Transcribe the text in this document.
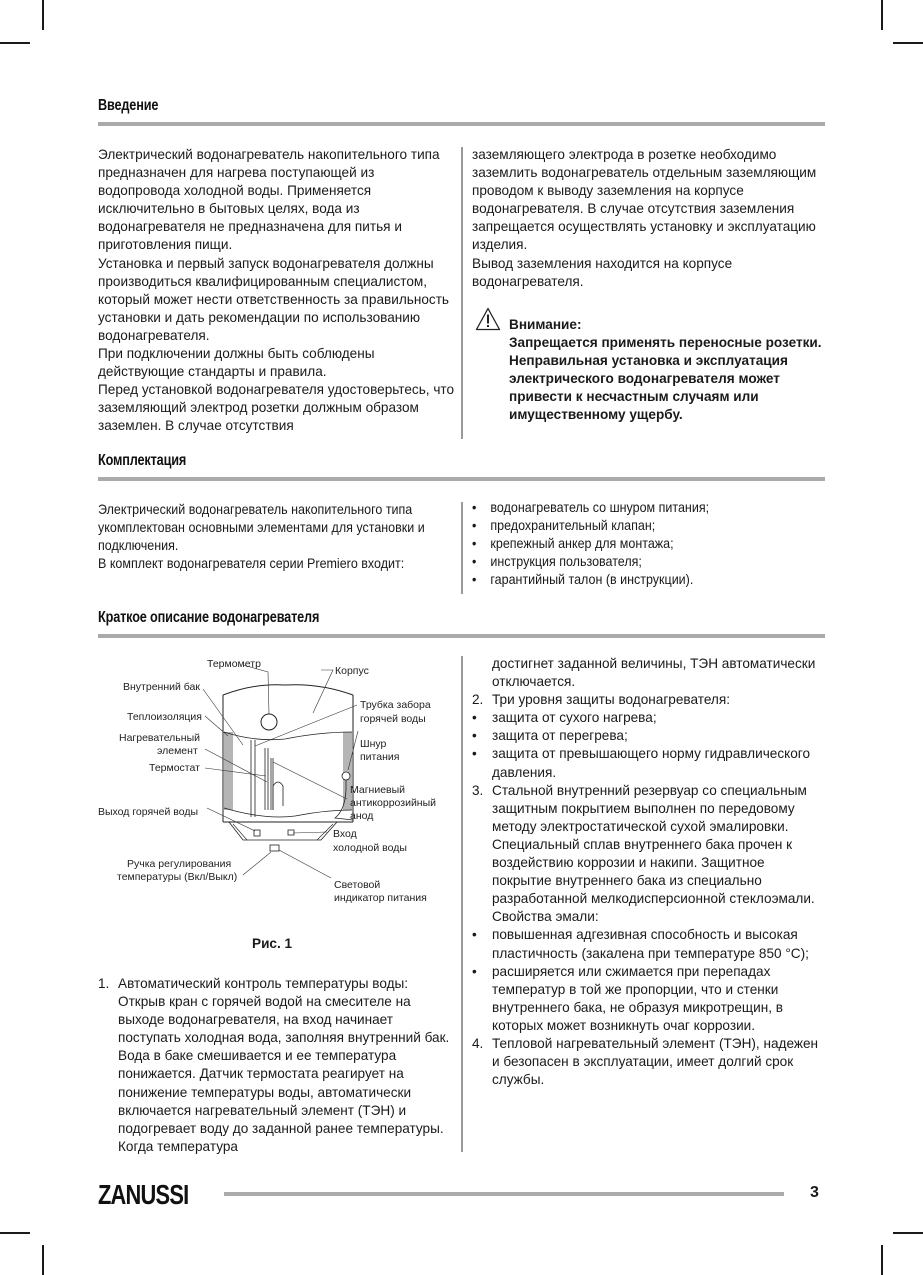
Введение

Электрический водонагреватель накопительного типа предназначен для нагрева поступающей из водопровода холодной воды. Применяется исключительно в бытовых целях, вода из водонагревателя не предназначена для питья и приготовления пищи.

Установка и первый запуск водонагревателя должны производиться квалифицированным специалистом, который может нести ответственность за правильность установки и дать рекомендации по использованию водонагревателя.

При подключении должны быть соблюдены действующие стандарты и правила.

Перед установкой водонагревателя удостоверьтесь, что заземляющий электрод розетки должным образом заземлен. В случае отсутствия

заземляющего электрода в розетке необходимо заземлить водонагреватель отдельным заземляющим проводом к выводу заземления на корпусе водонагревателя. В случае отсутствия заземления запрещается осуществлять установку и эксплуатацию изделия.

Вывод заземления находится на корпусе водонагревателя.

Внимание:

Запрещается применять переносные розетки.

Неправильная установка и эксплуатация электрического водонагревателя может привести к несчастным случаям или имущественному ущербу.

Комплектация

Электрический водонагреватель накопительного типа укомплектован основными элементами для установки и подключения.

В комплект водонагревателя серии Premiero входит:

• водонагреватель со шнуром питания;
• предохранительный клапан;
• крепежный анкер для монтажа;
• инструкция пользователя;
• гарантийный талон (в инструкции).
Краткое описание водонагревателя
Термометр
Корпус
Внутренний бак
Теплоизоляция
Трубка забора
горячей воды
Нагревательный
элемент
Шнур
питания
Термостат
Магниевый
антикоррозийный
анод
Выход горячей воды
Вход
холодной воды
Ручка регулирования
температуры (Вкл/Выкл)
Световой
индикатор питания
Рис. 1
1. Автоматический контроль температуры воды: Открыв кран с горячей водой на смесителе на выходе водонагревателя, на вход начинает поступать холодная вода, заполняя внутренний бак. Вода в баке смешивается и ее температура понижается. Датчик термостата реагирует на понижение температуры воды, автоматически включается нагревательный элемент (ТЭН) и подогревает воду до заданной ранее температуры. Когда температура

достигнет заданной величины, ТЭН автоматически отключается.

2. Три уровня защиты водонагревателя:
• защита от сухого нагрева;
• защита от перегрева;
• защита от превышающего норму гидравлического давления.
3. Стальной внутренний резервуар со специальным защитным покрытием выполнен по передовому методу электростатической сухой эмалировки.

Специальный сплав внутреннего бака прочен к воздействию коррозии и накипи. Защитное покрытие внутреннего бака из специально разработанной мелкодисперсионной стеклоэмали.

Свойства эмали:

• повышенная адгезивная способность и высокая пластичность (закалена при температуре 850 °C);
• расширяется или сжимается при перепадах температур в той же пропорции, что и стенки внутреннего бака, не образуя микротрещин, в которых может возникнуть очаг коррозии.
4. Тепловой нагревательный элемент (ТЭН), надежен и безопасен в эксплуатации, имеет долгий срок службы.
ZANUSSI	3
